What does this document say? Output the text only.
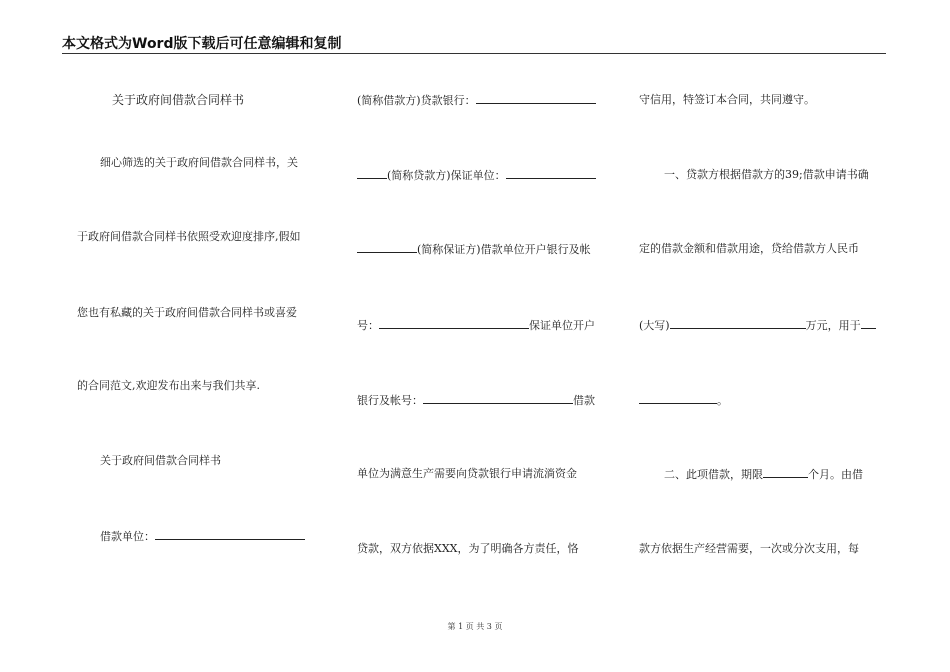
本文格式为Word版下载后可任意编辑和复制
关于政府间借款合同样书
细心筛选的关于政府间借款合同样书，关
于政府间借款合同样书依照受欢迎度排序,假如
您也有私藏的关于政府间借款合同样书或喜爱
的合同范文,欢迎发布出来与我们共享.
关于政府间借款合同样书
借款单位：
(简称借款方)贷款银行：
(简称贷款方)保证单位：
(简称保证方)借款单位开户银行及帐
号：	保证单位开户
银行及帐号：	借款
单位为满意生产需要向贷款银行申请流淌资金
贷款，双方依据XXX，为了明确各方责任，恪
守信用，特签订本合同，共同遵守。
一、贷款方根据借款方的39;借款申请书确
定的借款金额和借款用途，贷给借款方人民币
(大写)	万元，用于
。
二、此项借款，期限	个月。由借
款方依据生产经营需要，一次或分次支用，每
第 1 页 共 3 页
